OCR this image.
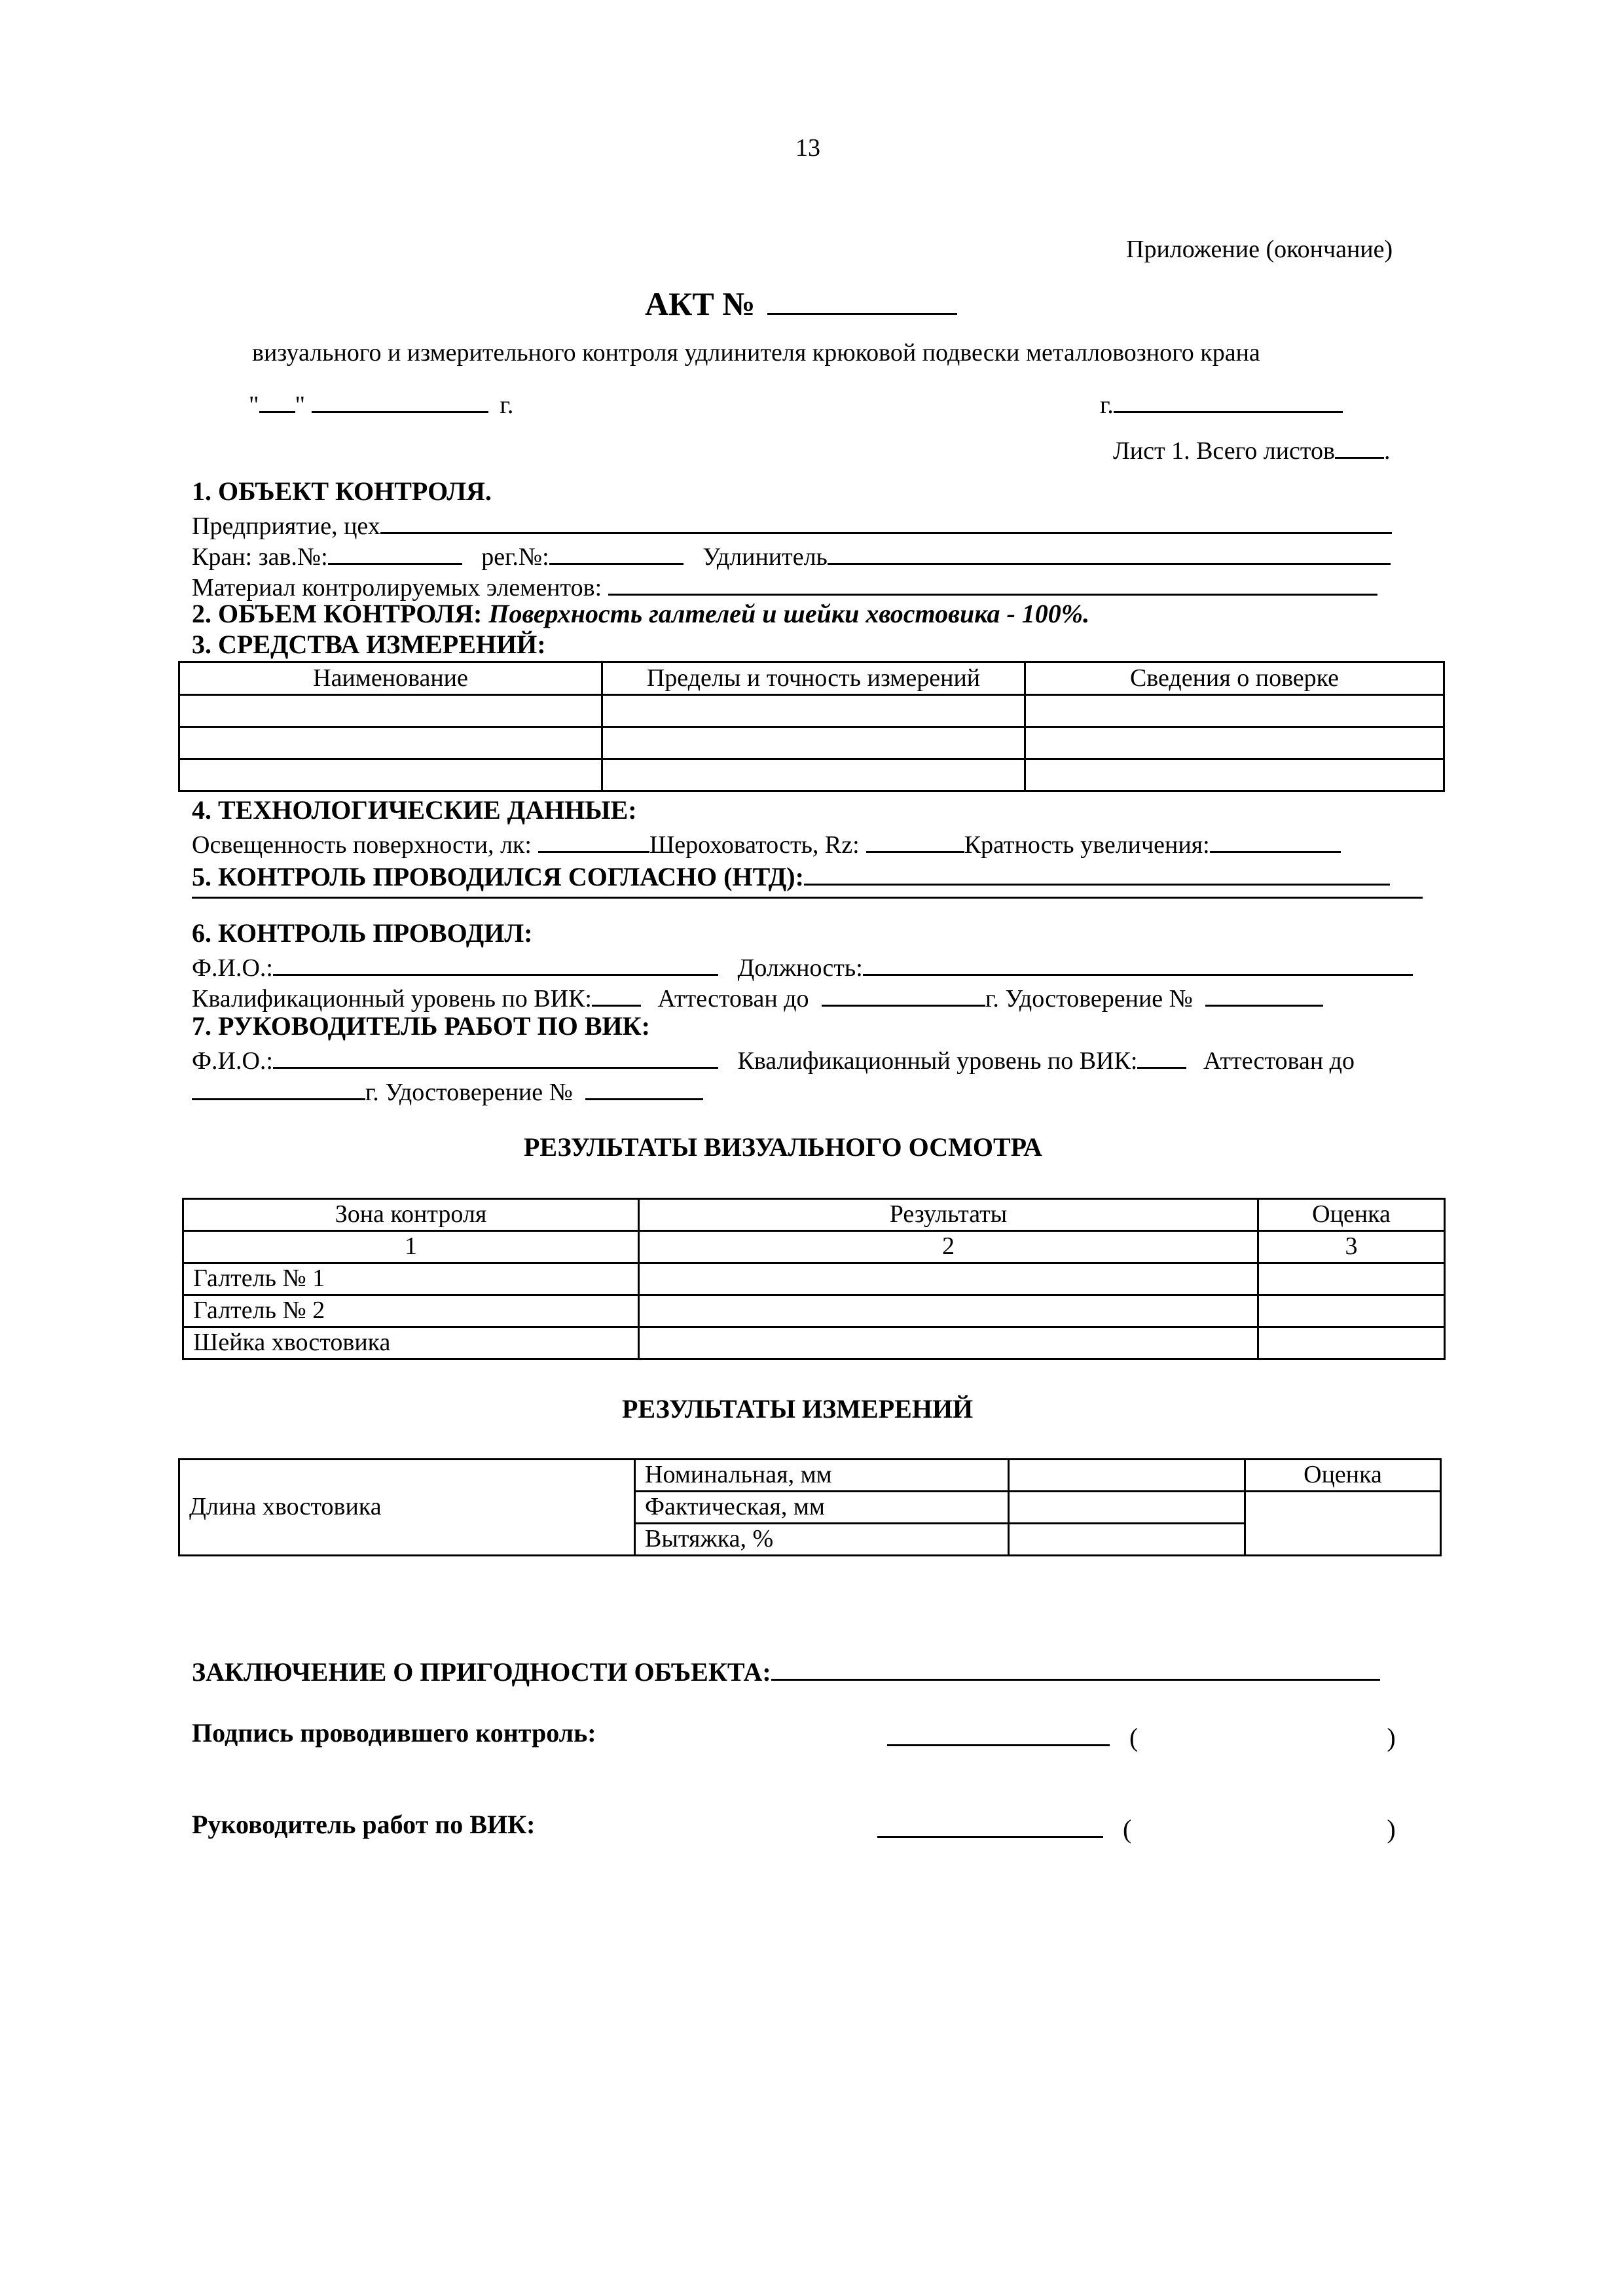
13
Приложение (окончание)
АКТ №
визуального и измерительного контроля удлинителя крюковой подвески металловозного крана
" "	г.	г.
Лист 1. Всего листов .
1. ОБЪЕКТ КОНТРОЛЯ.
Предприятие, цех
Кран: зав.№:	рег.№:	Удлинитель
Материал контролируемых элементов:
2. ОБЪЕМ КОНТРОЛЯ: Поверхность галтелей и шейки хвостовика - 100%.
3. СРЕДСТВА ИЗМЕРЕНИЙ:
Наименование	Пределы и точность измерений	Сведения о поверке

4. ТЕХНОЛОГИЧЕСКИЕ ДАННЫЕ:
Освещенность поверхности, лк:	Шероховатость, Rz:	Кратность увеличения:
5. КОНТРОЛЬ ПРОВОДИЛСЯ СОГЛАСНО (НТД):
6. КОНТРОЛЬ ПРОВОДИЛ:
Ф.И.О.:	Должность:
Квалификационный уровень по ВИК:	Аттестован до	г. Удостоверение №
7. РУКОВОДИТЕЛЬ РАБОТ ПО ВИК:
Ф.И.О.:	Квалификационный уровень по ВИК:	Аттестован до
г. Удостоверение №
РЕЗУЛЬТАТЫ ВИЗУАЛЬНОГО ОСМОТРА
Зона контроля	Результаты	Оценка
1	2	3
Галтель № 1		
Галтель № 2		
Шейка хвостовика		
РЕЗУЛЬТАТЫ ИЗМЕРЕНИЙ
Длина хвостовика	Номинальная, мм		Оценка
	Фактическая, мм		
	Вытяжка, %		
ЗАКЛЮЧЕНИЕ О ПРИГОДНОСТИ ОБЪЕКТА:
Подпись проводившего контроль:	(	)
Руководитель работ по ВИК:	(	)
